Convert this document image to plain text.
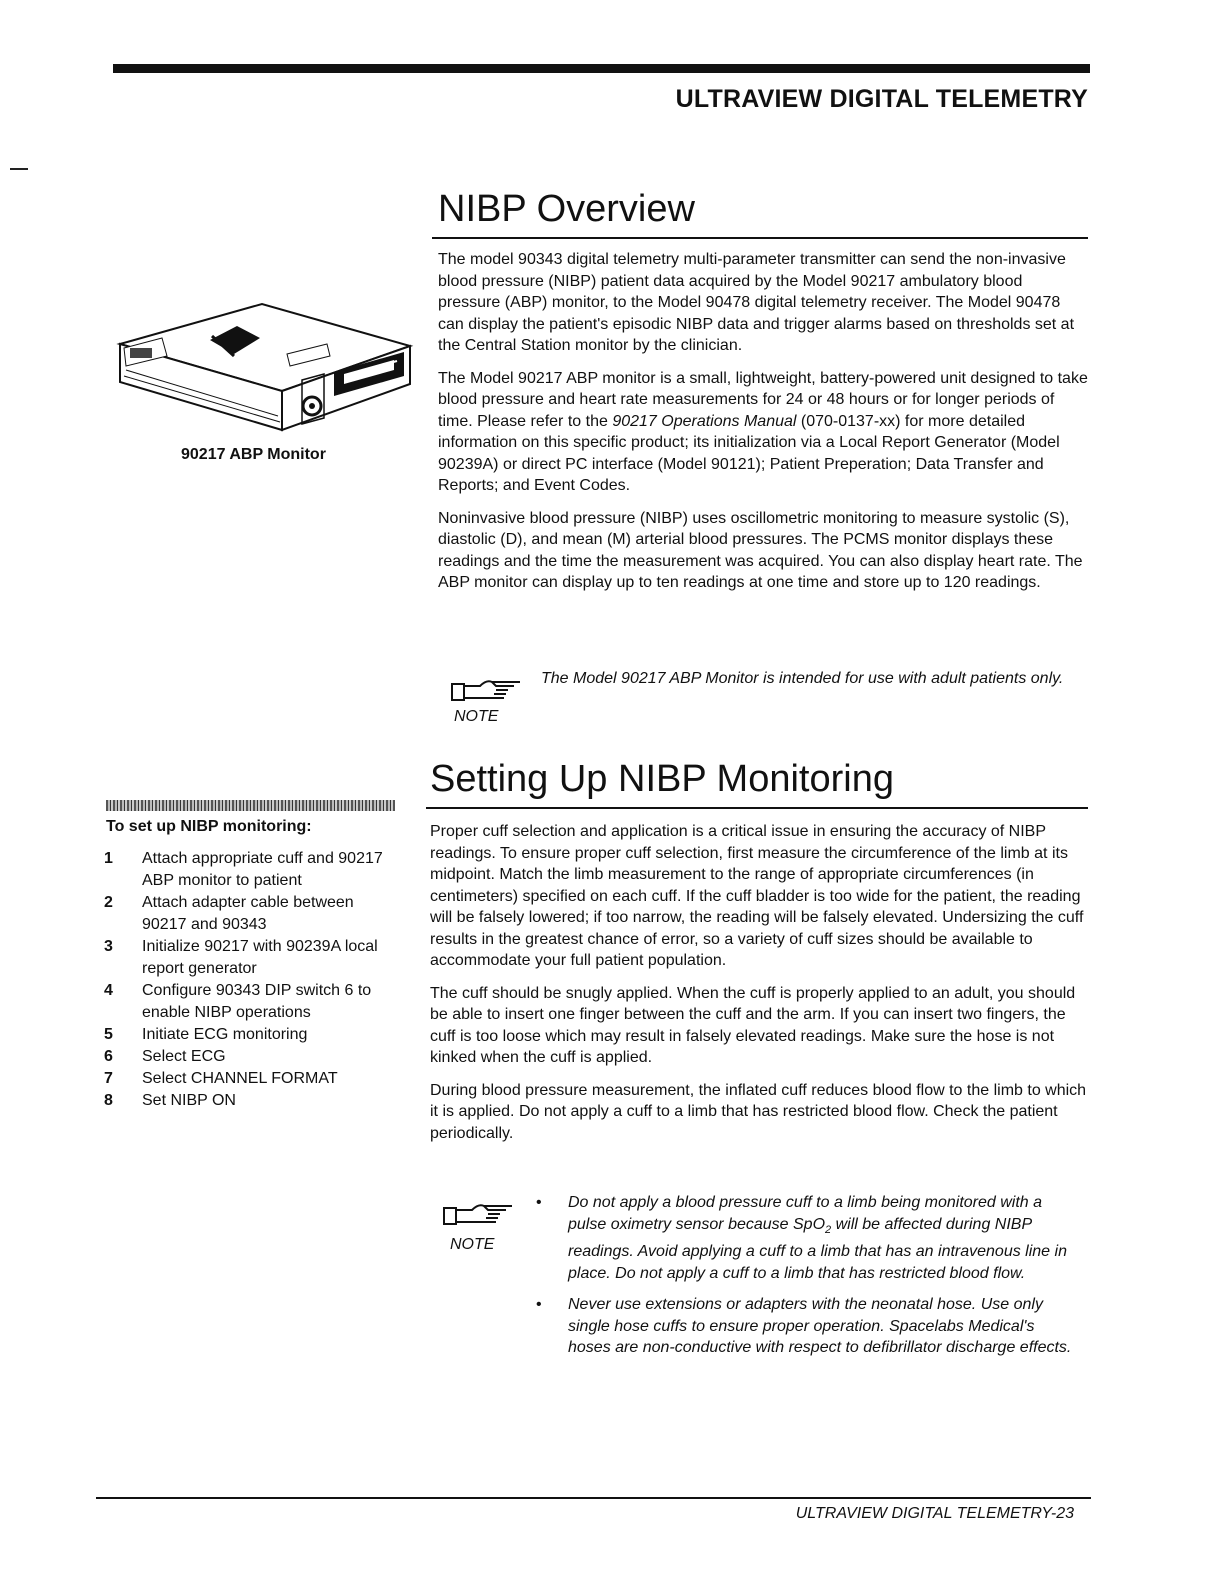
ULTRAVIEW DIGITAL TELEMETRY
90217 ABP Monitor
NIBP Overview

The model 90343 digital telemetry multi-parameter transmitter can send the non-invasive blood pressure (NIBP) patient data acquired by the Model 90217 ambulatory blood pressure (ABP) monitor, to the Model 90478 digital telemetry receiver. The Model 90478 can display the patient's episodic NIBP data and trigger alarms based on thresholds set at the Central Station monitor by the clinician.

The Model 90217 ABP monitor is a small, lightweight, battery-powered unit designed to take blood pressure and heart rate measurements for 24 or 48 hours or for longer periods of time. Please refer to the 90217 Operations Manual (070-0137-xx) for more detailed information on this specific product; its initialization via a Local Report Generator (Model 90239A) or direct PC interface (Model 90121); Patient Preperation; Data Transfer and Reports; and Event Codes.

Noninvasive blood pressure (NIBP) uses oscillometric monitoring to measure systolic (S), diastolic (D), and mean (M) arterial blood pressures. The PCMS monitor displays these readings and the time the measurement was acquired. You can also display heart rate. The ABP monitor can display up to ten readings at one time and store up to 120 readings.

NOTE
The Model 90217 ABP Monitor is intended for use with adult patients only.
Setting Up NIBP Monitoring

Proper cuff selection and application is a critical issue in ensuring the accuracy of NIBP readings. To ensure proper cuff selection, first measure the circumference of the limb at its midpoint. Match the limb measurement to the range of appropriate circumferences (in centimeters) specified on each cuff. If the cuff bladder is too wide for the patient, the reading will be falsely lowered; if too narrow, the reading will be falsely elevated. Undersizing the cuff results in the greatest chance of error, so a variety of cuff sizes should be available to accommodate your full patient population.

The cuff should be snugly applied. When the cuff is properly applied to an adult, you should be able to insert one finger between the cuff and the arm. If you can insert two fingers, the cuff is too loose which may result in falsely elevated readings. Make sure the hose is not kinked when the cuff is applied.

During blood pressure measurement, the inflated cuff reduces blood flow to the limb to which it is applied. Do not apply a cuff to a limb that has restricted blood flow. Check the patient periodically.

NOTE
•	Do not apply a blood pressure cuff to a limb being monitored with a pulse oximetry sensor because SpO$_2$ will be affected during NIBP readings. Avoid applying a cuff to a limb that has an intravenous line in place. Do not apply a cuff to a limb that has restricted blood flow.
•	Never use extensions or adapters with the neonatal hose. Use only single hose cuffs to ensure proper operation. Spacelabs Medical's hoses are non-conductive with respect to defibrillator discharge effects.
To set up NIBP monitoring:
1	Attach appropriate cuff and 90217 ABP monitor to patient
2	Attach adapter cable between 90217 and 90343
3	Initialize 90217 with 90239A local report generator
4	Configure 90343 DIP switch 6 to enable NIBP operations
5	Initiate ECG monitoring
6	Select ECG
7	Select CHANNEL FORMAT
8	Set NIBP ON
ULTRAVIEW DIGITAL TELEMETRY-23
